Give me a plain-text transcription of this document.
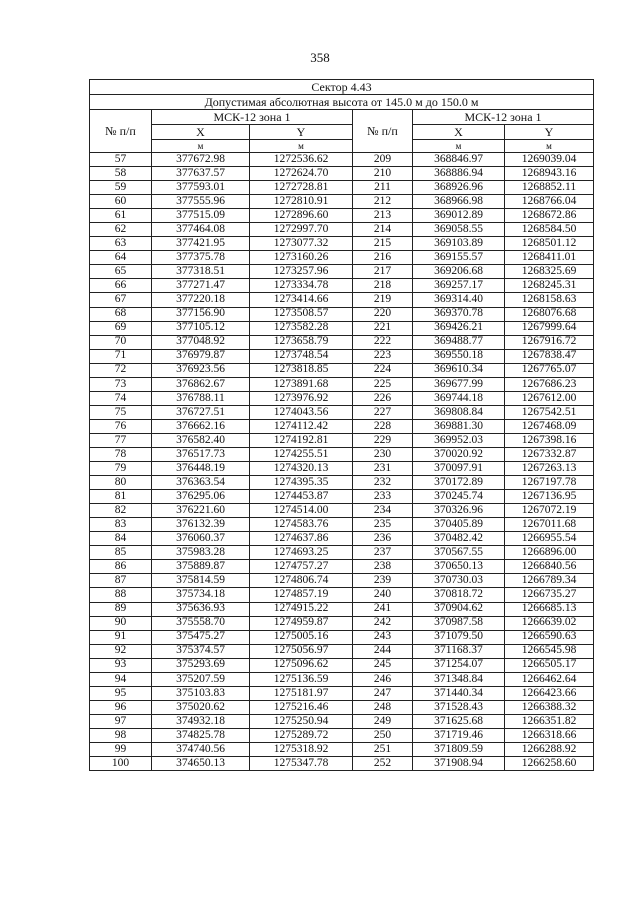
358
Сектор 4.43					
Допустимая абсолютная высота от 145.0 м до 150.0 м					
№ п/п	МСК-12 зона 1		№ п/п	МСК-12 зона 1	
	X	Y		X	Y
	м	м		м	м
57	377672.98	1272536.62	209	368846.97	1269039.04
58	377637.57	1272624.70	210	368886.94	1268943.16
59	377593.01	1272728.81	211	368926.96	1268852.11
60	377555.96	1272810.91	212	368966.98	1268766.04
61	377515.09	1272896.60	213	369012.89	1268672.86
62	377464.08	1272997.70	214	369058.55	1268584.50
63	377421.95	1273077.32	215	369103.89	1268501.12
64	377375.78	1273160.26	216	369155.57	1268411.01
65	377318.51	1273257.96	217	369206.68	1268325.69
66	377271.47	1273334.78	218	369257.17	1268245.31
67	377220.18	1273414.66	219	369314.40	1268158.63
68	377156.90	1273508.57	220	369370.78	1268076.68
69	377105.12	1273582.28	221	369426.21	1267999.64
70	377048.92	1273658.79	222	369488.77	1267916.72
71	376979.87	1273748.54	223	369550.18	1267838.47
72	376923.56	1273818.85	224	369610.34	1267765.07
73	376862.67	1273891.68	225	369677.99	1267686.23
74	376788.11	1273976.92	226	369744.18	1267612.00
75	376727.51	1274043.56	227	369808.84	1267542.51
76	376662.16	1274112.42	228	369881.30	1267468.09
77	376582.40	1274192.81	229	369952.03	1267398.16
78	376517.73	1274255.51	230	370020.92	1267332.87
79	376448.19	1274320.13	231	370097.91	1267263.13
80	376363.54	1274395.35	232	370172.89	1267197.78
81	376295.06	1274453.87	233	370245.74	1267136.95
82	376221.60	1274514.00	234	370326.96	1267072.19
83	376132.39	1274583.76	235	370405.89	1267011.68
84	376060.37	1274637.86	236	370482.42	1266955.54
85	375983.28	1274693.25	237	370567.55	1266896.00
86	375889.87	1274757.27	238	370650.13	1266840.56
87	375814.59	1274806.74	239	370730.03	1266789.34
88	375734.18	1274857.19	240	370818.72	1266735.27
89	375636.93	1274915.22	241	370904.62	1266685.13
90	375558.70	1274959.87	242	370987.58	1266639.02
91	375475.27	1275005.16	243	371079.50	1266590.63
92	375374.57	1275056.97	244	371168.37	1266545.98
93	375293.69	1275096.62	245	371254.07	1266505.17
94	375207.59	1275136.59	246	371348.84	1266462.64
95	375103.83	1275181.97	247	371440.34	1266423.66
96	375020.62	1275216.46	248	371528.43	1266388.32
97	374932.18	1275250.94	249	371625.68	1266351.82
98	374825.78	1275289.72	250	371719.46	1266318.66
99	374740.56	1275318.92	251	371809.59	1266288.92
100	374650.13	1275347.78	252	371908.94	1266258.60
